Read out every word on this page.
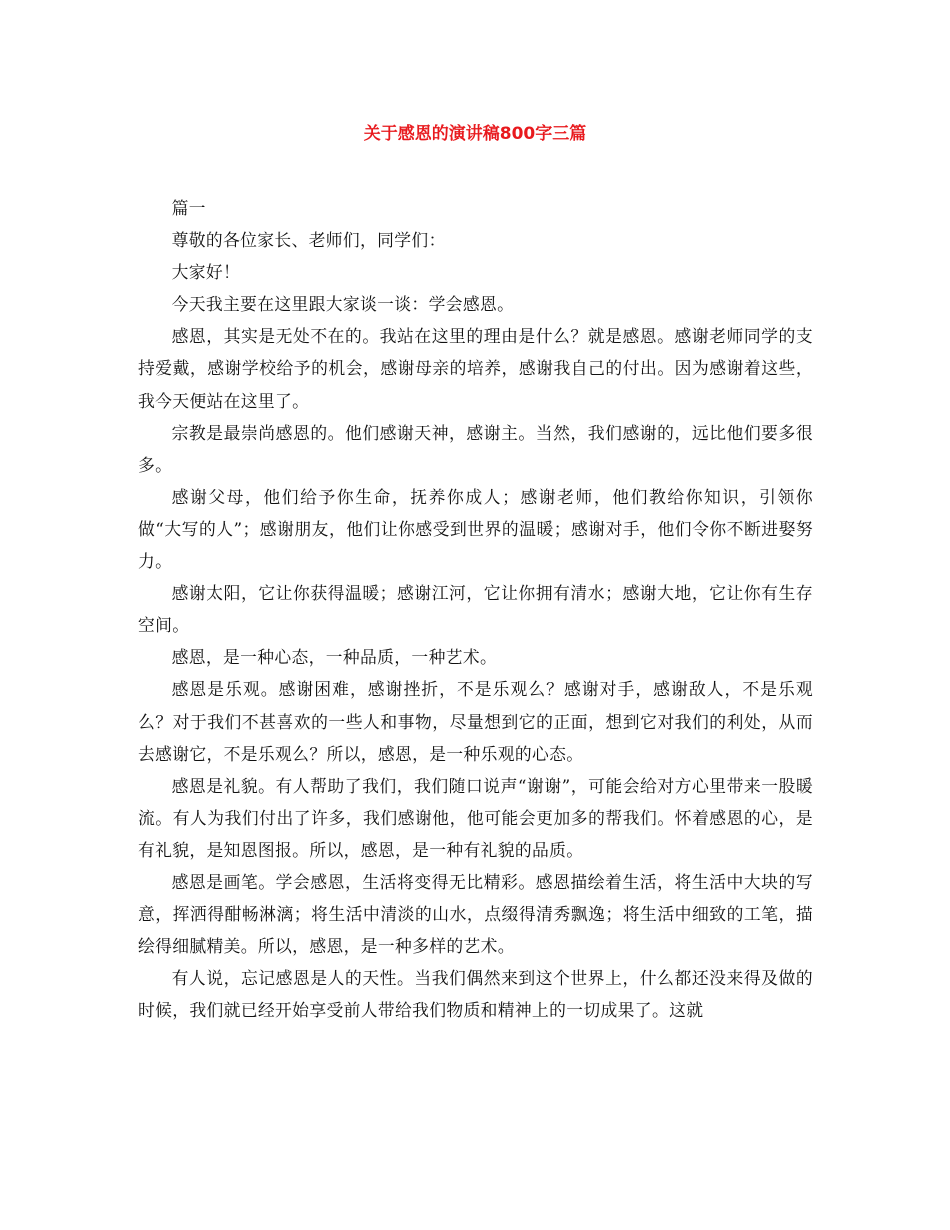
关于感恩的演讲稿800字三篇

篇一

尊敬的各位家长、老师们，同学们：

大家好！

今天我主要在这里跟大家谈一谈：学会感恩。

感恩，其实是无处不在的。我站在这里的理由是什么？就是感恩。感谢老师同学的支持爱戴，感谢学校给予的机会，感谢母亲的培养，感谢我自己的付出。因为感谢着这些，我今天便站在这里了。

宗教是最崇尚感恩的。他们感谢天神，感谢主。当然，我们感谢的，远比他们要多很多。

感谢父母，他们给予你生命，抚养你成人；感谢老师，他们教给你知识，引领你做“大写的人”；感谢朋友，他们让你感受到世界的温暖；感谢对手，他们令你不断进娶努力。

感谢太阳，它让你获得温暖；感谢江河，它让你拥有清水；感谢大地，它让你有生存空间。

感恩，是一种心态，一种品质，一种艺术。

感恩是乐观。感谢困难，感谢挫折，不是乐观么？感谢对手，感谢敌人，不是乐观么？对于我们不甚喜欢的一些人和事物，尽量想到它的正面，想到它对我们的利处，从而去感谢它，不是乐观么？所以，感恩，是一种乐观的心态。

感恩是礼貌。有人帮助了我们，我们随口说声“谢谢”，可能会给对方心里带来一股暖流。有人为我们付出了许多，我们感谢他，他可能会更加多的帮我们。怀着感恩的心，是有礼貌，是知恩图报。所以，感恩，是一种有礼貌的品质。

感恩是画笔。学会感恩，生活将变得无比精彩。感恩描绘着生活，将生活中大块的写意，挥洒得酣畅淋漓；将生活中清淡的山水，点缀得清秀飘逸；将生活中细致的工笔，描绘得细腻精美。所以，感恩，是一种多样的艺术。

有人说，忘记感恩是人的天性。当我们偶然来到这个世界上，什么都还没来得及做的时候，我们就已经开始享受前人带给我们物质和精神上的一切成果了。这就
